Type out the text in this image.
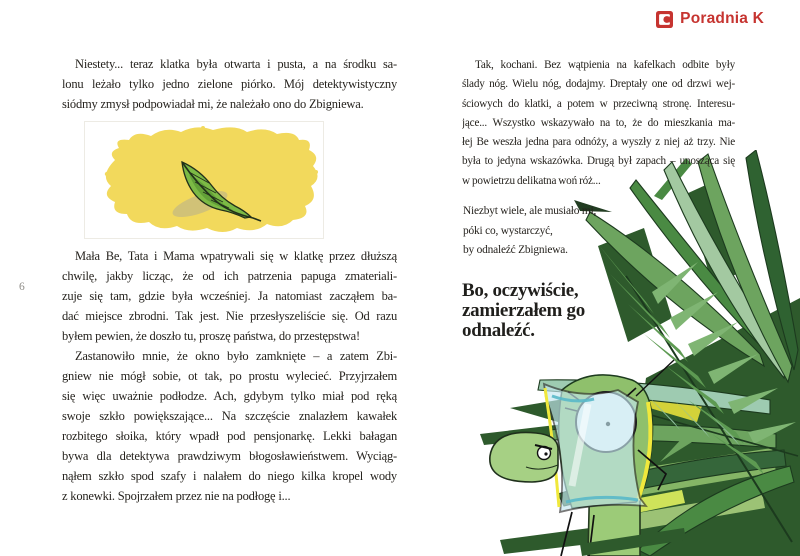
Poradnia K
Niestety... teraz klatka była otwarta i pusta, a na środku sa-
lonu leżało tylko jedno zielone piórko. Mój detektywistyczny
siódmy zmysł podpowiadał mi, że należało ono do Zbigniewa.
Mała Be, Tata i Mama wpatrywali się w klatkę przez dłuższą
chwilę, jakby licząc, że od ich patrzenia papuga zmateriali-
zuje się tam, gdzie była wcześniej. Ja natomiast zacząłem ba-
dać miejsce zbrodni. Tak jest. Nie przesłyszeliście się. Od razu
byłem pewien, że doszło tu, proszę państwa, do przestępstwa!
Zastanowiło mnie, że okno było zamknięte – a zatem Zbi-
gniew nie mógł sobie, ot tak, po prostu wylecieć. Przyjrzałem
się więc uważnie podłodze. Ach, gdybym tylko miał pod ręką
swoje szkło powiększające... Na szczęście znalazłem kawałek
rozbitego słoika, który wpadł pod pensjonarkę. Lekki bałagan
bywa dla detektywa prawdziwym błogosławieństwem. Wyciąg-
nąłem szkło spod szafy i nalałem do niego kilka kropel wody
z konewki. Spojrzałem przez nie na podłogę i...
6
Tak, kochani. Bez wątpienia na kafelkach odbite były
ślady nóg. Wielu nóg, dodajmy. Dreptały one od drzwi wej-
ściowych do klatki, a potem w przeciwną stronę. Interesu-
jące... Wszystko wskazywało na to, że do mieszkania ma-
łej Be weszła jedna para odnóży, a wyszły z niej aż trzy. Nie
była to jedyna wskazówka. Drugą był zapach – unosząca się
w powietrzu delikatna woń róż...
Niezbyt wiele, ale musiało mi,
póki co, wystarczyć,
by odnaleźć Zbigniewa.
Bo, oczywiście,
zamierzałem go
odnaleźć.
